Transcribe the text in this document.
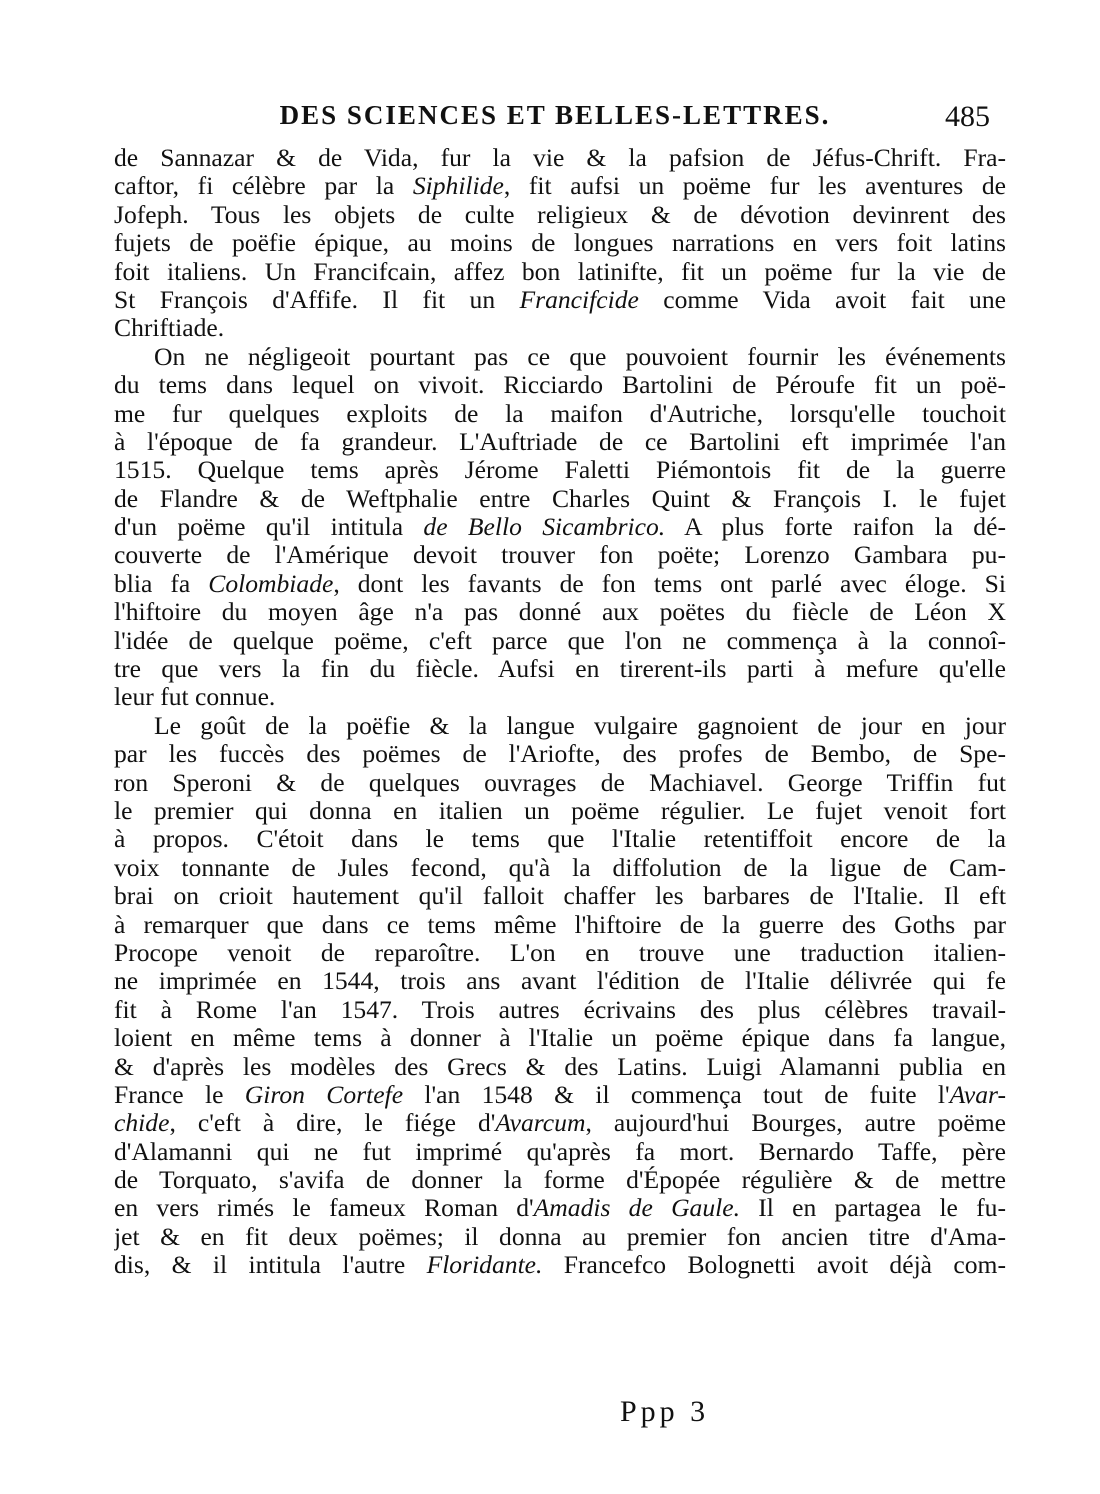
DES SCIENCES ET BELLES-LETTRES.	485
de Sannazar & de Vida, fur la vie & la pafsion de Jéfus-Chrift. Fra-
caftor, fi célèbre par la Siphilide, fit aufsi un poëme fur les aventures de
Jofeph. Tous les objets de culte religieux & de dévotion devinrent des
fujets de poëfie épique, au moins de longues narrations en vers foit latins
foit italiens. Un Francifcain, affez bon latinifte, fit un poëme fur la vie de
St François d'Affife. Il fit un Francifcide comme Vida avoit fait une
Chriftiade.
On ne négligeoit pourtant pas ce que pouvoient fournir les événements
du tems dans lequel on vivoit. Ricciardo Bartolini de Péroufe fit un poë-
me fur quelques exploits de la maifon d'Autriche, lorsqu'elle touchoit
à l'époque de fa grandeur. L'Auftriade de ce Bartolini eft imprimée l'an
1515. Quelque tems après Jérome Faletti Piémontois fit de la guerre
de Flandre & de Weftphalie entre Charles Quint & François I. le fujet
d'un poëme qu'il intitula de Bello Sicambrico. A plus forte raifon la dé-
couverte de l'Amérique devoit trouver fon poëte; Lorenzo Gambara pu-
blia fa Colombiade, dont les favants de fon tems ont parlé avec éloge. Si
l'hiftoire du moyen âge n'a pas donné aux poëtes du fiècle de Léon X
l'idée de quelque poëme, c'eft parce que l'on ne commença à la connoî-
tre que vers la fin du fiècle. Aufsi en tirerent-ils parti à mefure qu'elle
leur fut connue.
Le goût de la poëfie & la langue vulgaire gagnoient de jour en jour
par les fuccès des poëmes de l'Ariofte, des profes de Bembo, de Spe-
ron Speroni & de quelques ouvrages de Machiavel. George Triffin fut
le premier qui donna en italien un poëme régulier. Le fujet venoit fort
à propos. C'étoit dans le tems que l'Italie retentiffoit encore de la
voix tonnante de Jules fecond, qu'à la diffolution de la ligue de Cam-
brai on crioit hautement qu'il falloit chaffer les barbares de l'Italie. Il eft
à remarquer que dans ce tems même l'hiftoire de la guerre des Goths par
Procope venoit de reparoître. L'on en trouve une traduction italien-
ne imprimée en 1544, trois ans avant l'édition de l'Italie délivrée qui fe
fit à Rome l'an 1547. Trois autres écrivains des plus célèbres travail-
loient en même tems à donner à l'Italie un poëme épique dans fa langue,
& d'après les modèles des Grecs & des Latins. Luigi Alamanni publia en
France le Giron Cortefe l'an 1548 & il commença tout de fuite l'Avar-
chide, c'eft à dire, le fiége d'Avarcum, aujourd'hui Bourges, autre poëme
d'Alamanni qui ne fut imprimé qu'après fa mort. Bernardo Taffe, père
de Torquato, s'avifa de donner la forme d'Épopée régulière & de mettre
en vers rimés le fameux Roman d'Amadis de Gaule. Il en partagea le fu-
jet & en fit deux poëmes; il donna au premier fon ancien titre d'Ama-
dis, & il intitula l'autre Floridante. Francefco Bolognetti avoit déjà com-
Ppp 3
